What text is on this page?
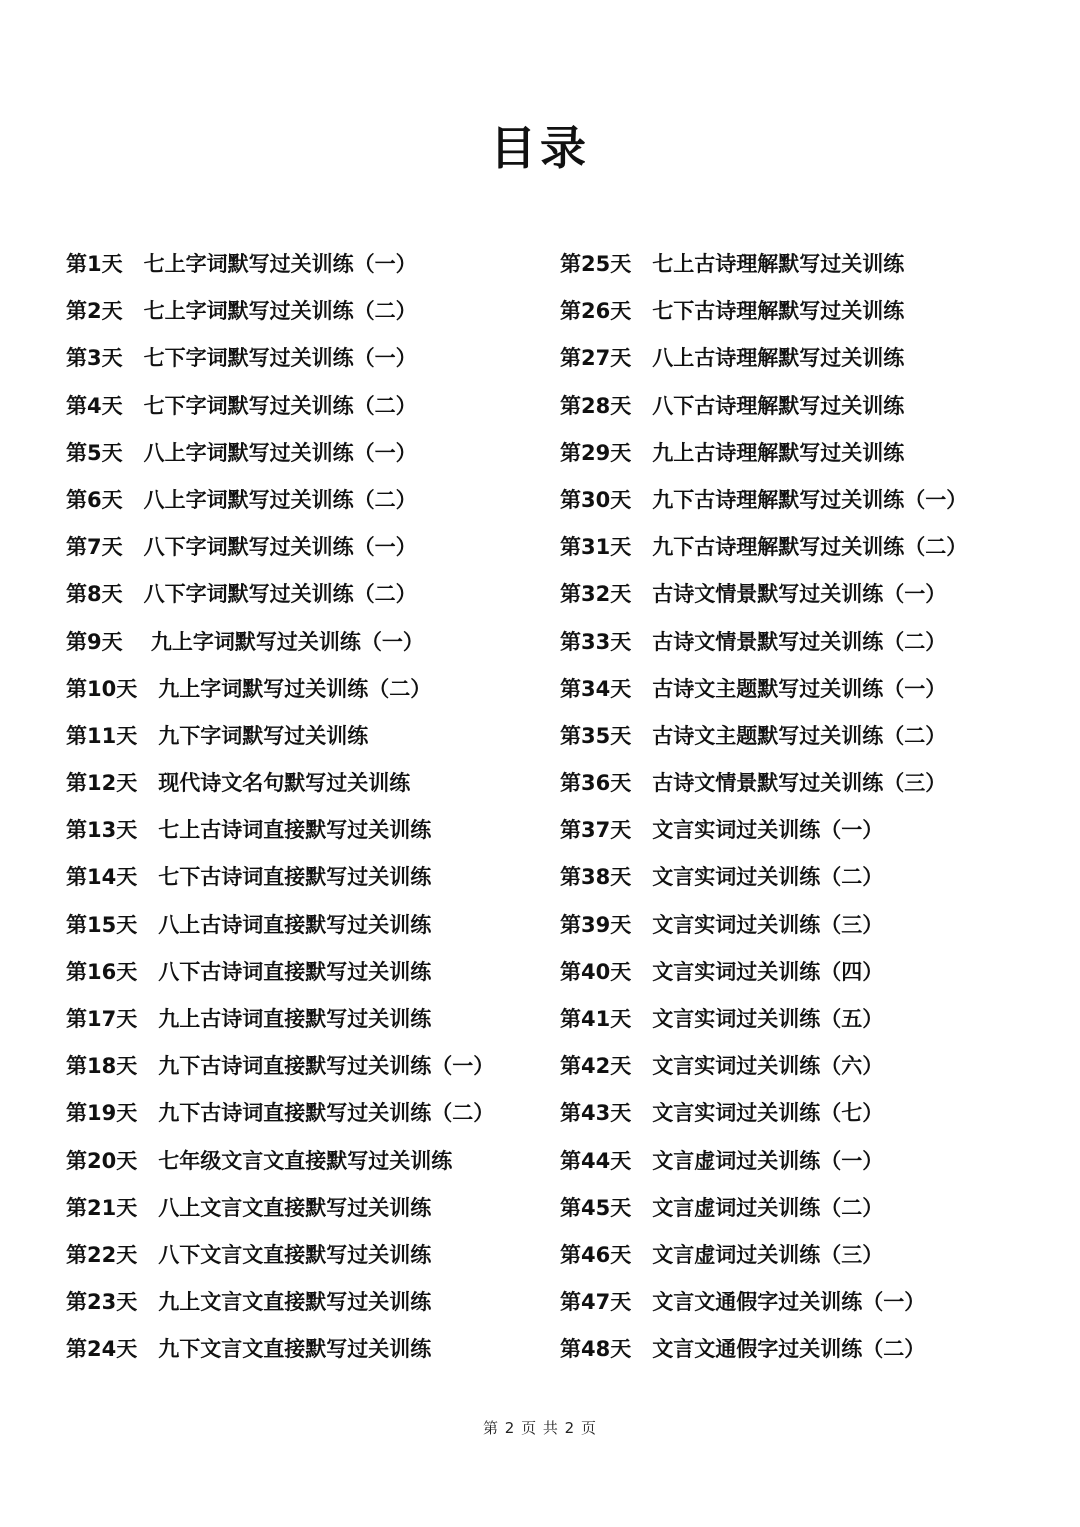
目录
第1天　七上字词默写过关训练（一）
第2天　七上字词默写过关训练（二）
第3天　七下字词默写过关训练（一）
第4天　七下字词默写过关训练（二）
第5天　八上字词默写过关训练（一）
第6天　八上字词默写过关训练（二）
第7天　八下字词默写过关训练（一）
第8天　八下字词默写过关训练（二）
第9天　 九上字词默写过关训练（一）
第10天　九上字词默写过关训练（二）
第11天　九下字词默写过关训练
第12天　现代诗文名句默写过关训练
第13天　七上古诗词直接默写过关训练
第14天　七下古诗词直接默写过关训练
第15天　八上古诗词直接默写过关训练
第16天　八下古诗词直接默写过关训练
第17天　九上古诗词直接默写过关训练
第18天　九下古诗词直接默写过关训练（一）
第19天　九下古诗词直接默写过关训练（二）
第20天　七年级文言文直接默写过关训练
第21天　八上文言文直接默写过关训练
第22天　八下文言文直接默写过关训练
第23天　九上文言文直接默写过关训练
第24天　九下文言文直接默写过关训练
第25天　七上古诗理解默写过关训练
第26天　七下古诗理解默写过关训练
第27天　八上古诗理解默写过关训练
第28天　八下古诗理解默写过关训练
第29天　九上古诗理解默写过关训练
第30天　九下古诗理解默写过关训练（一）
第31天　九下古诗理解默写过关训练（二）
第32天　古诗文情景默写过关训练（一）
第33天　古诗文情景默写过关训练（二）
第34天　古诗文主题默写过关训练（一）
第35天　古诗文主题默写过关训练（二）
第36天　古诗文情景默写过关训练（三）
第37天　文言实词过关训练（一）
第38天　文言实词过关训练（二）
第39天　文言实词过关训练（三）
第40天　文言实词过关训练（四）
第41天　文言实词过关训练（五）
第42天　文言实词过关训练（六）
第43天　文言实词过关训练（七）
第44天　文言虚词过关训练（一）
第45天　文言虚词过关训练（二）
第46天　文言虚词过关训练（三）
第47天　文言文通假字过关训练（一）
第48天　文言文通假字过关训练（二）
第 2 页 共 2 页
